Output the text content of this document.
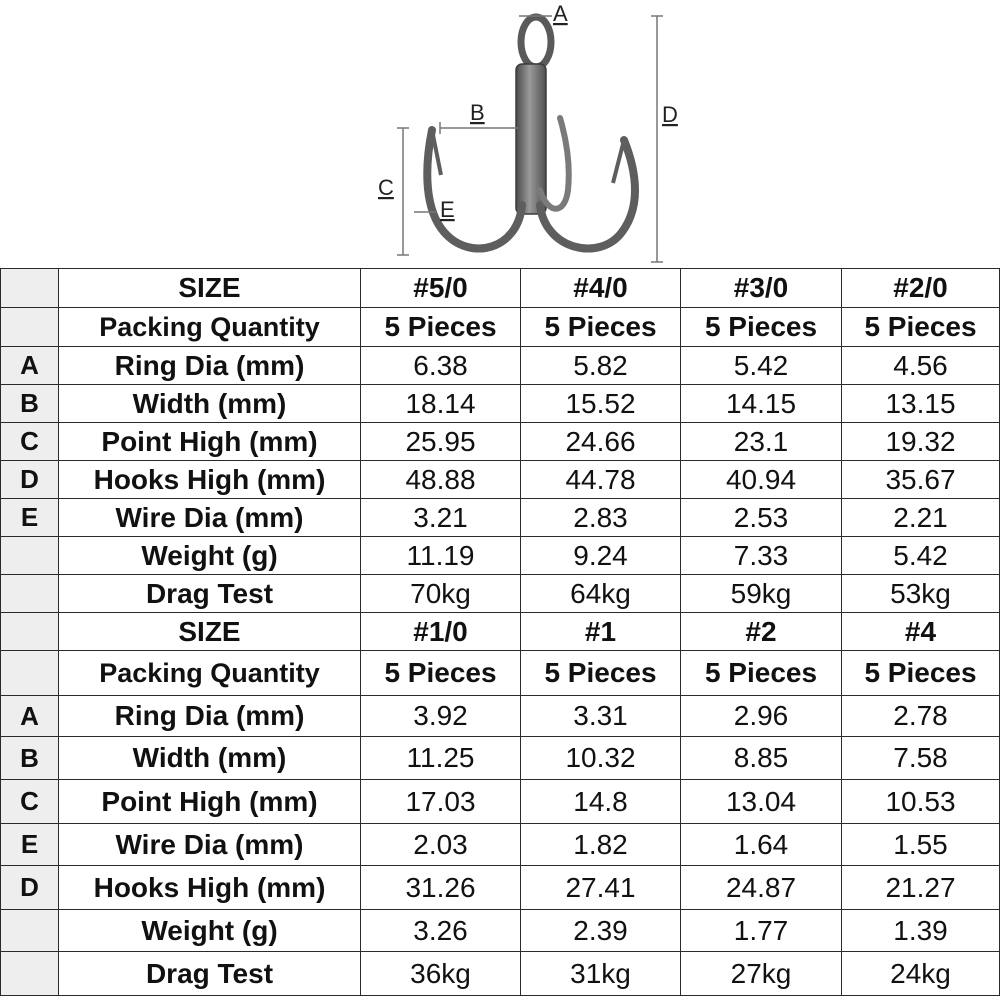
A
B
C
D
E
	SIZE	#5/0	#4/0	#3/0	#2/0
	Packing Quantity	5 Pieces	5 Pieces	5 Pieces	5 Pieces
A	Ring Dia (mm)	6.38	5.82	5.42	4.56
B	Width (mm)	18.14	15.52	14.15	13.15
C	Point High (mm)	25.95	24.66	23.1	19.32
D	Hooks High (mm)	48.88	44.78	40.94	35.67
E	Wire Dia (mm)	3.21	2.83	2.53	2.21
	Weight (g)	11.19	9.24	7.33	5.42
	Drag Test	70kg	64kg	59kg	53kg
	SIZE	#1/0	#1	#2	#4
	Packing Quantity	5 Pieces	5 Pieces	5 Pieces	5 Pieces
A	Ring Dia (mm)	3.92	3.31	2.96	2.78
B	Width (mm)	11.25	10.32	8.85	7.58
C	Point High (mm)	17.03	14.8	13.04	10.53
E	Wire Dia (mm)	2.03	1.82	1.64	1.55
D	Hooks High (mm)	31.26	27.41	24.87	21.27
	Weight (g)	3.26	2.39	1.77	1.39
	Drag Test	36kg	31kg	27kg	24kg
